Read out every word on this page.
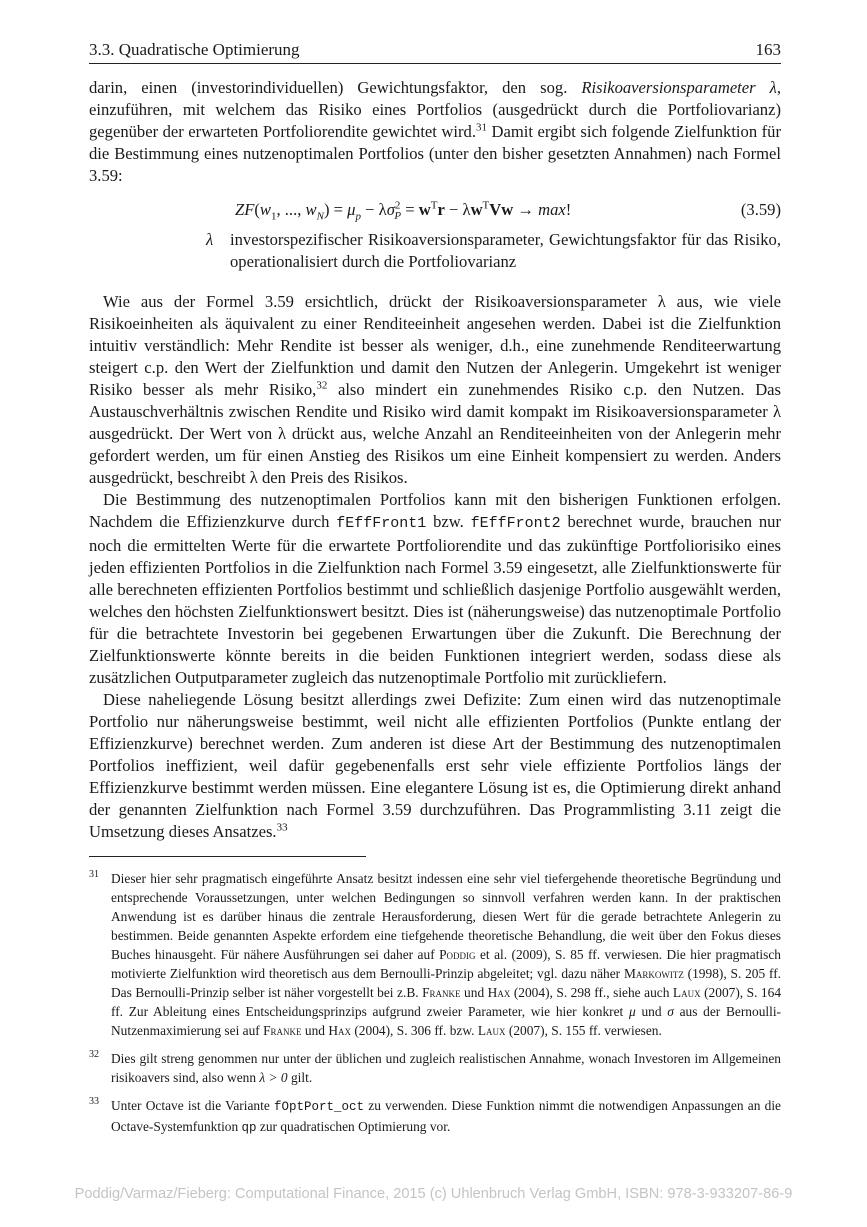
3.3. Quadratische Optimierung	163

darin, einen (investorindividuellen) Gewichtungsfaktor, den sog. Risikoaversionsparameter λ, einzuführen, mit welchem das Risiko eines Portfolios (ausgedrückt durch die Portfoliovarianz) gegenüber der erwarteten Portfoliorendite gewichtet wird.$^{31}$ Damit ergibt sich folgende Zielfunktion für die Bestimmung eines nutzenoptimalen Portfolios (unter den bisher gesetzten Annahmen) nach Formel 3.59:

$ZF(w_1$, ..., $w_N) = \mu_p - \lambda\sigma^2_P = w^Tr - \lambda w^TVw \to \max$!	(3.59)
λ investorspezifischer Risikoaversionsparameter, Gewichtungsfaktor für das Risiko, operationalisiert durch die Portfoliovarianz

Wie aus der Formel 3.59 ersichtlich, drückt der Risikoaversionsparameter λ aus, wie viele Risikoeinheiten als äquivalent zu einer Renditeeinheit angesehen werden. Dabei ist die Zielfunktion intuitiv verständlich: Mehr Rendite ist besser als weniger, d.h., eine zunehmende Renditeerwartung steigert c.p. den Wert der Zielfunktion und damit den Nutzen der Anlegerin. Umgekehrt ist weniger Risiko besser als mehr Risiko,$^{32}$ also mindert ein zunehmendes Risiko c.p. den Nutzen. Das Austauschverhältnis zwischen Rendite und Risiko wird damit kompakt im Risikoaversionsparameter λ ausgedrückt. Der Wert von λ drückt aus, welche Anzahl an Renditeeinheiten von der Anlegerin mehr gefordert werden, um für einen Anstieg des Risikos um eine Einheit kompensiert zu werden. Anders ausgedrückt, beschreibt λ den Preis des Risikos.

Die Bestimmung des nutzenoptimalen Portfolios kann mit den bisherigen Funktionen erfolgen. Nachdem die Effizienzkurve durch fEffFront1 bzw. fEffFront2 berechnet wurde, brauchen nur noch die ermittelten Werte für die erwartete Portfoliorendite und das zukünftige Portfoliorisiko eines jeden effizienten Portfolios in die Zielfunktion nach Formel 3.59 eingesetzt, alle Zielfunktionswerte für alle berechneten effizienten Portfolios bestimmt und schließlich dasjenige Portfolio ausgewählt werden, welches den höchsten Zielfunktionswert besitzt. Dies ist (näherungsweise) das nutzenoptimale Portfolio für die betrachtete Investorin bei gegebenen Erwartungen über die Zukunft. Die Berechnung der Zielfunktionswerte könnte bereits in die beiden Funktionen integriert werden, sodass diese als zusätzlichen Outputparameter zugleich das nutzenoptimale Portfolio mit zurückliefern.

Diese naheliegende Lösung besitzt allerdings zwei Defizite: Zum einen wird das nutzenoptimale Portfolio nur näherungsweise bestimmt, weil nicht alle effizienten Portfolios (Punkte entlang der Effizienzkurve) berechnet werden. Zum anderen ist diese Art der Bestimmung des nutzenoptimalen Portfolios ineffizient, weil dafür gegebenenfalls erst sehr viele effiziente Portfolios längs der Effizienzkurve bestimmt werden müssen. Eine elegantere Lösung ist es, die Optimierung direkt anhand der genannten Zielfunktion nach Formel 3.59 durchzuführen. Das Programmlisting 3.11 zeigt die Umsetzung dieses Ansatzes.$^{33}$

31 Dieser hier sehr pragmatisch eingeführte Ansatz besitzt indessen eine sehr viel tiefergehende theoretische Begründung und entsprechende Voraussetzungen, unter welchen Bedingungen so sinnvoll verfahren werden kann. In der praktischen Anwendung ist es darüber hinaus die zentrale Herausforderung, diesen Wert für die gerade betrachtete Anlegerin zu bestimmen. Beide genannten Aspekte erfordem eine tiefgehende theoretische Behandlung, die weit über den Fokus dieses Buches hinausgeht. Für nähere Ausführungen sei daher auf Poddig et al. (2009), S. 85 ff. verwiesen. Die hier pragmatisch motivierte Zielfunktion wird theoretisch aus dem Bernoulli-Prinzip abgeleitet; vgl. dazu näher Markowitz (1998), S. 205 ff. Das Bernoulli-Prinzip selber ist näher vorgestellt bei z.B. Franke und Hax (2004), S. 298 ff., siehe auch Laux (2007), S. 164 ff. Zur Ableitung eines Entscheidungsprinzips aufgrund zweier Parameter, wie hier konkret μ und σ aus der Bernoulli-Nutzenmaximierung sei auf Franke und Hax (2004), S. 306 ff. bzw. Laux (2007), S. 155 ff. verwiesen.
32 Dies gilt streng genommen nur unter der üblichen und zugleich realistischen Annahme, wonach Investoren im Allgemeinen risikoavers sind, also wenn λ > 0 gilt.
33 Unter Octave ist die Variante fOptPort_oct zu verwenden. Diese Funktion nimmt die notwendigen Anpassungen an die Octave-Systemfunktion qp zur quadratischen Optimierung vor.
Poddig/Varmaz/Fieberg: Computational Finance, 2015 (c) Uhlenbruch Verlag GmbH, ISBN: 978-3-933207-86-9
